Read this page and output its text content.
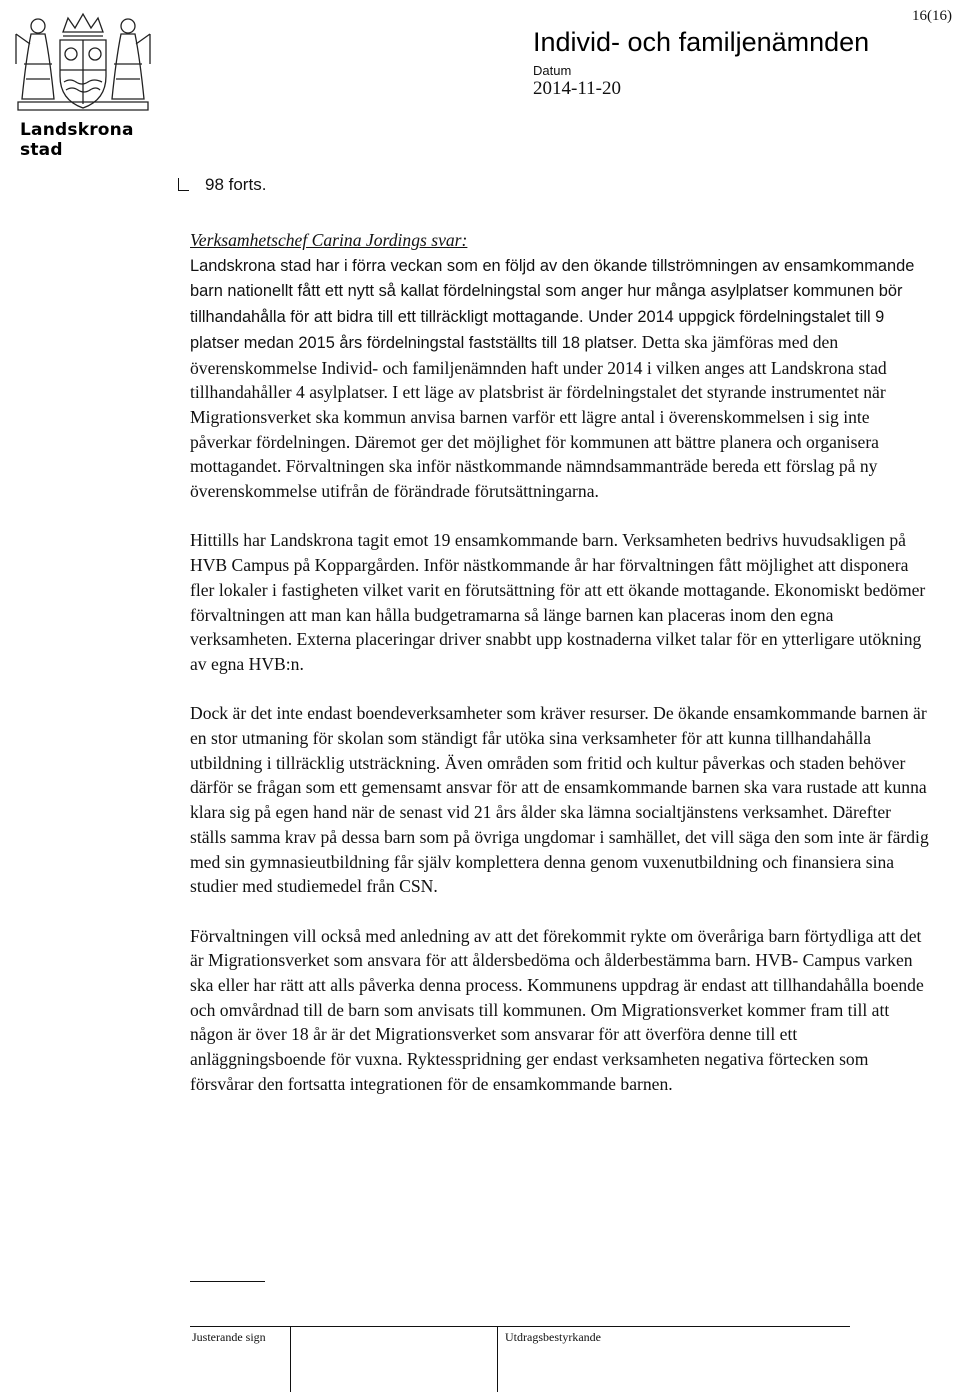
16(16)
Landskrona stad
Individ- och familjenämnden
Datum
2014-11-20
98 forts.

Verksamhetschef Carina Jordings svar:
Landskrona stad har i förra veckan som en följd av den ökande tillströmningen av ensamkommande barn nationellt fått ett nytt så kallat fördelningstal som anger hur många asylplatser kommunen bör tillhandahålla för att bidra till ett tillräckligt mottagande. Under 2014 uppgick fördelningstalet till 9 platser medan 2015 års fördelningstal fastställts till 18 platser. Detta ska jämföras med den överenskommelse Individ- och familjenämnden haft under 2014 i vilken anges att Landskrona stad tillhandahåller 4 asylplatser. I ett läge av platsbrist är fördelningstalet det styrande instrumentet när Migrationsverket ska kommun anvisa barnen varför ett lägre antal i överenskommelsen i sig inte påverkar fördelningen. Däremot ger det möjlighet för kommunen att bättre planera och organisera mottagandet. Förvaltningen ska inför nästkommande nämndsammanträde bereda ett förslag på ny överenskommelse utifrån de förändrade förutsättningarna.

Hittills har Landskrona tagit emot 19 ensamkommande barn. Verksamheten bedrivs huvudsakligen på HVB Campus på Koppargården. Inför nästkommande år har förvaltningen fått möjlighet att disponera fler lokaler i fastigheten vilket varit en förutsättning för att ett ökande mottagande. Ekonomiskt bedömer förvaltningen att man kan hålla budgetramarna så länge barnen kan placeras inom den egna verksamheten. Externa placeringar driver snabbt upp kostnaderna vilket talar för en ytterligare utökning av egna HVB:n.

Dock är det inte endast boendeverksamheter som kräver resurser. De ökande ensamkommande barnen är en stor utmaning för skolan som ständigt får utöka sina verksamheter för att kunna tillhandahålla utbildning i tillräcklig utsträckning. Även områden som fritid och kultur påverkas och staden behöver därför se frågan som ett gemensamt ansvar för att de ensamkommande barnen ska vara rustade att kunna klara sig på egen hand när de senast vid 21 års ålder ska lämna socialtjänstens verksamhet. Därefter ställs samma krav på dessa barn som på övriga ungdomar i samhället, det vill säga den som inte är färdig med sin gymnasieutbildning får själv komplettera denna genom vuxenutbildning och finansiera sina studier med studiemedel från CSN.

Förvaltningen vill också med anledning av att det förekommit rykte om överåriga barn förtydliga att det är Migrationsverket som ansvara för att åldersbedöma och ålderbestämma barn. HVB- Campus varken ska eller har rätt att alls påverka denna process. Kommunens uppdrag är endast att tillhandahålla boende och omvårdnad till de barn som anvisats till kommunen. Om Migrationsverket kommer fram till att någon är över 18 år är det Migrationsverket som ansvarar för att överföra denne till ett anläggningsboende för vuxna. Ryktesspridning ger endast verksamheten negativa förtecken som försvårar den fortsatta integrationen för de ensamkommande barnen.

Justerande sign	Utdragsbestyrkande
